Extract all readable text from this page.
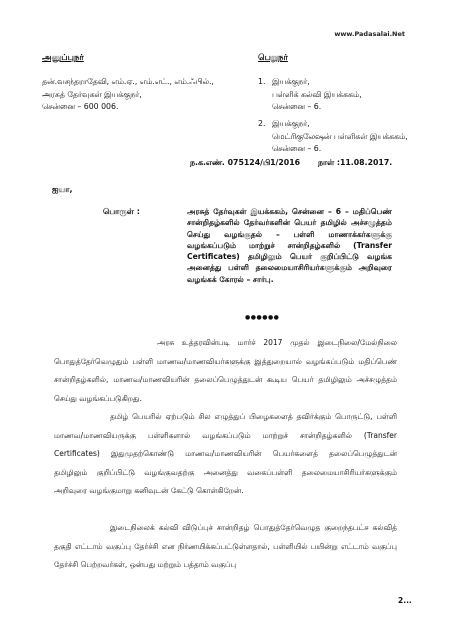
www.Padasalai.Net
அனுப்புநர்
தன்.வசந்தராதேவி, எம்.ஏ., எம்.எட்., எம்.ஃபில்.,
அரசுத் தேர்வுகள் இயக்குநர்,
சென்னை – 600 006.
பெறுநர்
1. இயக்குநர்,
பள்ளிக் கல்வி இயக்ககம்,
சென்னை – 6.
2. இயக்குநர்,
மெட்ரிகுலேஷன் பள்ளிகள் இயக்ககம்,
சென்னை – 6.
ந.க.எண். 075124/பி1/2016 நாள் :11.08.2017.
ஐயா,
பொருள் :	அரசுத் தேர்வுகள் இயக்ககம், சென்னை – 6 – மதிப்பெண் சான்றிதழ்களில் தேர்வர்களின் பெயர் தமிழில் அச்சழுத்தம் செய்து வழங்குதல் – பள்ளி மாணாக்கர்களுக்கு வழங்கப்படும் மாற்றுச் சான்றிதழ்களில் (Transfer Certificates) தமிழிலும் பெயர் குறிப்பிட்டு வழங்க அனைத்து பள்ளி தலைமையாசிரியர்களுக்கும் அறிவுரை வழங்கக் கோரல் – சார்பு.
●●●●●●
அரசு உத்தரவின்படி மார்ச் 2017 முதல் இடைநிலை/மேல்நிலை பொதுத்தேர்வெழுதும் பள்ளி மாணவ/மாணவியர்களுக்கு இத்துறையால் வழங்கப்படும் மதிப்பெண் சான்றிதழ்களில், மாணவ/மாணவியரின் தலைப்பெழுத்துடன் கூடிய பெயர் தமிழிலும் அச்சழுத்தம் செய்து வழங்கப்படுகிறது.
தமிழ் பெயரில் ஏற்படும் சில எழுத்துப் பிழைகளைத் தவிர்க்கும் பொருட்டு, பள்ளி மாணவ/மாணவியருக்கு பள்ளிகளால் வழங்கப்படும் மாற்றுச் சான்றிதழ்களில் (Transfer Certificates) இதுமுதற்கொண்டு மாணவ/மாணவியரின் பெயர்களைத் தலைப்பெழுத்துடன் தமிழிலும் குறிப்பிட்டு வழங்குவதற்கு அனைத்து வகைப்பள்ளி தலைமையாசிரியர்களுக்கும் அறிவுரை வழங்குமாறு கனிவுடன் கேட்டு கொள்கிறேன்.
இடைநிலைக் கல்வி விடுப்புச் சான்றிதழ் பொதுத்தேர்வெழுத குறைந்தபட்ச கல்வித் தகுதி எட்டாம் வகுப்பு தேர்ச்சி என நிர்ணயிக்கப்பட்டுள்ளதால், பள்ளியில் பயின்று எட்டாம் வகுப்பு தேர்ச்சி பெற்றவர்கள், ஒன்பது மற்றும் பத்தாம் வகுப்பு
2...
